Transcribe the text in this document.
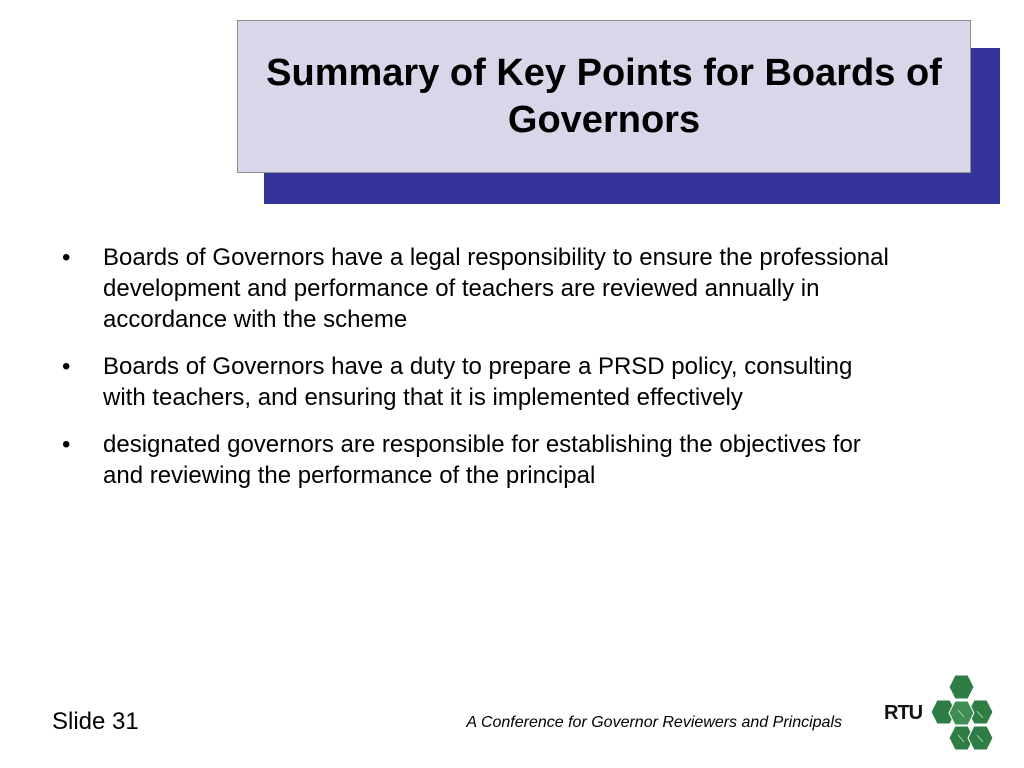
Summary of Key Points for Boards of Governors
• Boards of Governors have a legal responsibility to ensure the professional development and performance of teachers are reviewed annually in accordance with the scheme
• Boards of Governors have a duty to prepare a PRSD policy, consulting with teachers, and ensuring that it is implemented effectively
• designated governors are responsible for establishing the objectives for and reviewing the performance of the principal
Slide 31	A Conference for Governor Reviewers and Principals RTU
